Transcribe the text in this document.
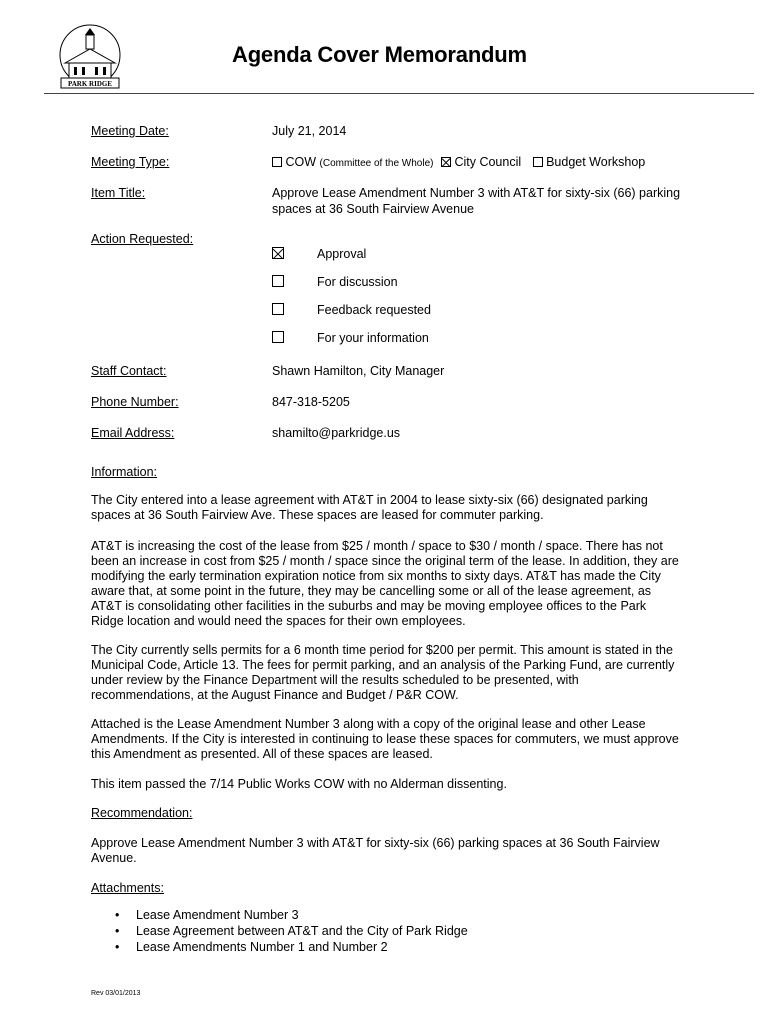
PARK RIDGE
Agenda Cover Memorandum
Meeting Date:	July 21, 2014
Meeting Type:	COW (Committee of the Whole) City Council Budget Workshop
Item Title:	Approve Lease Amendment Number 3 with AT&T for sixty-six (66) parking spaces at 36 South Fairview Avenue
Action Requested:
Approval
For discussion
Feedback requested
For your information
Staff Contact:	Shawn Hamilton, City Manager
Phone Number:	847-318-5205
Email Address:	shamilto@parkridge.us
Information:

The City entered into a lease agreement with AT&T in 2004 to lease sixty-six (66) designated parking spaces at 36 South Fairview Ave. These spaces are leased for commuter parking.

AT&T is increasing the cost of the lease from $25 / month / space to $30 / month / space. There has not been an increase in cost from $25 / month / space since the original term of the lease. In addition, they are modifying the early termination expiration notice from six months to sixty days. AT&T has made the City aware that, at some point in the future, they may be cancelling some or all of the lease agreement, as AT&T is consolidating other facilities in the suburbs and may be moving employee offices to the Park Ridge location and would need the spaces for their own employees.

The City currently sells permits for a 6 month time period for $200 per permit. This amount is stated in the Municipal Code, Article 13. The fees for permit parking, and an analysis of the Parking Fund, are currently under review by the Finance Department will the results scheduled to be presented, with recommendations, at the August Finance and Budget / P&R COW.

Attached is the Lease Amendment Number 3 along with a copy of the original lease and other Lease Amendments. If the City is interested in continuing to lease these spaces for commuters, we must approve this Amendment as presented. All of these spaces are leased.

This item passed the 7/14 Public Works COW with no Alderman dissenting.

Recommendation:

Approve Lease Amendment Number 3 with AT&T for sixty-six (66) parking spaces at 36 South Fairview Avenue.

Attachments:
• Lease Amendment Number 3
• Lease Agreement between AT&T and the City of Park Ridge
• Lease Amendments Number 1 and Number 2
Rev 03/01/2013
